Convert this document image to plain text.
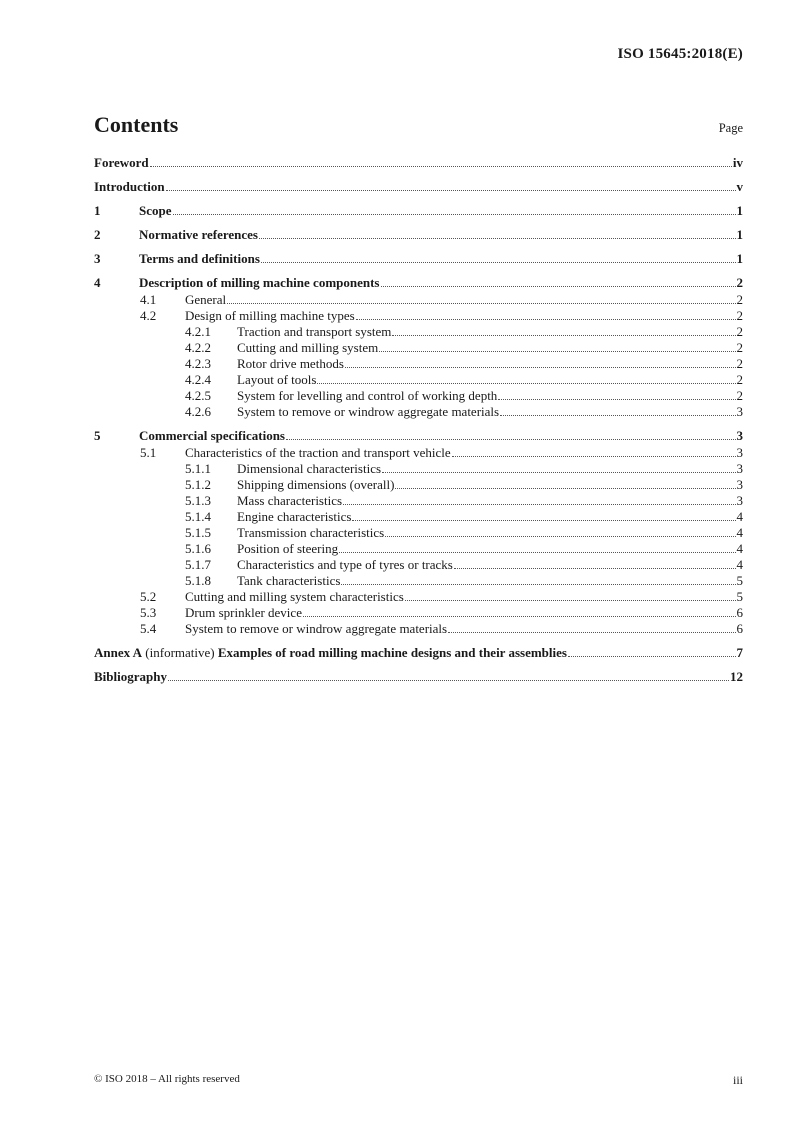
ISO 15645:2018(E)
Contents	Page
Foreword	iv
Introduction	v
1	Scope	1
2	Normative references	1
3	Terms and definitions	1
4	Description of milling machine components	2
4.1	General	2
4.2	Design of milling machine types	2
4.2.1	Traction and transport system	2
4.2.2	Cutting and milling system	2
4.2.3	Rotor drive methods	2
4.2.4	Layout of tools	2
4.2.5	System for levelling and control of working depth	2
4.2.6	System to remove or windrow aggregate materials	3
5	Commercial specifications	3
5.1	Characteristics of the traction and transport vehicle	3
5.1.1	Dimensional characteristics	3
5.1.2	Shipping dimensions (overall)	3
5.1.3	Mass characteristics	3
5.1.4	Engine characteristics	4
5.1.5	Transmission characteristics	4
5.1.6	Position of steering	4
5.1.7	Characteristics and type of tyres or tracks	4
5.1.8	Tank characteristics	5
5.2	Cutting and milling system characteristics	5
5.3	Drum sprinkler device	6
5.4	System to remove or windrow aggregate materials	6
Annex A (informative) Examples of road milling machine designs and their assemblies	7
Bibliography	12
© ISO 2018 – All rights reserved	iii
